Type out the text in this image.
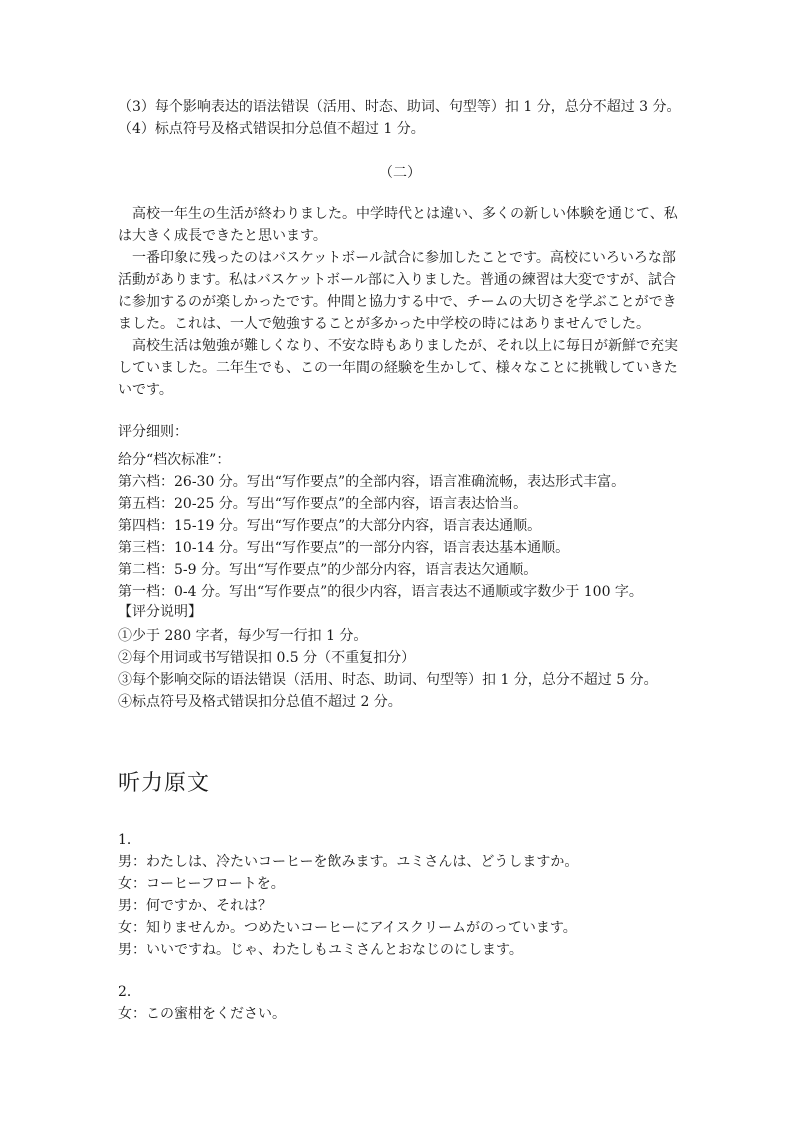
（3）每个影响表达的语法错误（活用、时态、助词、句型等）扣 1 分，总分不超过 3 分。
（4）标点符号及格式错误扣分总值不超过 1 分。
（二）
　高校一年生の生活が終わりました。中学時代とは違い、多くの新しい体験を通じて、私
は大きく成長できたと思います。
　一番印象に残ったのはバスケットボール試合に参加したことです。高校にいろいろな部
活動があります。私はバスケットボール部に入りました。普通の練習は大変ですが、試合
に参加するのが楽しかったです。仲間と協力する中で、チームの大切さを学ぶことができ
ました。これは、一人で勉強することが多かった中学校の時にはありませんでした。
　高校生活は勉強が難しくなり、不安な時もありましたが、それ以上に毎日が新鮮で充実
していました。二年生でも、この一年間の経験を生かして、様々なことに挑戦していきた
いです。
评分细则：
给分“档次标准”：
第六档：26-30 分。写出“写作要点”的全部内容，语言准确流畅，表达形式丰富。
第五档：20-25 分。写出“写作要点”的全部内容，语言表达恰当。
第四档：15-19 分。写出“写作要点”的大部分内容，语言表达通顺。
第三档：10-14 分。写出“写作要点”的一部分内容，语言表达基本通顺。
第二档：5-9 分。写出“写作要点”的少部分内容，语言表达欠通顺。
第一档：0-4 分。写出“写作要点”的很少内容，语言表达不通顺或字数少于 100 字。
【评分说明】
①少于 280 字者，每少写一行扣 1 分。
②每个用词或书写错误扣 0.5 分（不重复扣分）
③每个影响交际的语法错误（活用、时态、助词、句型等）扣 1 分，总分不超过 5 分。
④标点符号及格式错误扣分总值不超过 2 分。
听力原文
1．
男：わたしは、冷たいコーヒーを飲みます。ユミさんは、どうしますか。
女：コーヒーフロートを。
男：何ですか、それは？
女：知りませんか。つめたいコーヒーにアイスクリームがのっています。
男：いいですね。じゃ、わたしもユミさんとおなじのにします。
2．
女：この蜜柑をください。
